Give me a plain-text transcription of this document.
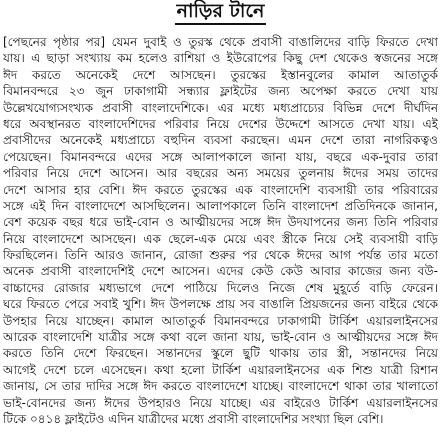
নাড়ির টানে
[পেছনের পৃষ্ঠার পর] যেমন দুবাই ও তুরস্ক থেকে প্রবাসী বাঙালিদের বাড়ি ফিরতে দেখা
যায়। এ ছাড়া সংখ্যায় কম হলেও রাশিয়া ও ইউরোপের কিছু দেশ থেকেও স্বজনের সঙ্গে
ঈদ করতে অনেকেই দেশে আসছেন। তুরস্কের ইস্তানবুলের কামাল আতাতুর্ক
বিমানবন্দরে ২৩ জুন ঢাকাগামী সন্ধ্যার ফ্লাইটের জন্য অপেক্ষা করতে দেখা যায়
উল্লেখযোগ্যসংখ্যক প্রবাসী বাংলাদেশিকে। এর মধ্যে মধ্যপ্রাচ্যের বিভিন্ন দেশে দীর্ঘদিন
ধরে অবস্থানরত বাংলাদেশিদের পরিবার নিয়ে দেশের উদ্দেশে আসতে দেখা যায়। এই
প্রবাসীদের অনেকেই মধ্যপ্রাচ্যে বহুদিন ব্যবসা করছেন। এমন দেশে তারা নাগরিকত্বও
পেয়েছেন। বিমানবন্দরে এদের সঙ্গে আলাপকালে জানা যায়, বছরে এক-দুবার তারা
পরিবার নিয়ে দেশে আসেন। আর বছরের অন্য সময়ের তুলনায় ঈদের সময় তাদের
দেশে আসার হার বেশি। ঈদ করতে তুরস্কের এক বাংলাদেশি ব্যবসায়ী তার পরিবারের
সঙ্গে এই দিন বাংলাদেশে আসছিলেন। আলাপকালে তিনি বাংলাদেশ প্রতিদিনকে জানান,
বেশ কয়েক বছর ধরে ভাই-বোন ও আত্মীয়দের সঙ্গে ঈদ উদযাপনের জন্য তিনি পরিবার
নিয়ে বাংলাদেশে আসছেন। এক ছেলে-এক মেয়ে এবং স্ত্রীকে নিয়ে সেই ব্যবসায়ী বাড়ি
ফিরছিলেন। তিনি আরও জানান, রোজা শুরুর পর থেকে ঈদের আগ পর্যন্ত তার মতো
অনেক প্রবাসী বাংলাদেশিই দেশে আসেন। এদের কেউ কেউ আবার কাজের জন্য বউ-
বাচ্চাদের রোজার মধ্যভাগে দেশে পাঠিয়ে দিলেও নিজে শেষ মুহূর্তে বাড়ি ফেরেন।
ঘরে ফিরতে পেরে সবাই খুশি। ঈদ উপলক্ষে প্রায় সব বাঙালি প্রিয়জনের জন্য বাইরে থেকে
উপহার নিয়ে যাচ্ছেন। কামাল আতাতুর্ক বিমানবন্দরে ঢাকাগামী টার্কিশ এয়ারলাইনসের
আরেক বাংলাদেশি যাত্রীর সঙ্গে কথা বলে জানা যায়, ভাই-বোন ও আত্মীয়দের সঙ্গে ঈদ
করতে তিনি দেশে ফিরছেন। সন্তানদের স্কুলে ছুটি থাকায় তার স্ত্রী, সন্তানদের নিয়ে
আগেই দেশে চলে এসেছেন। কথা হলো টার্কিশ এয়ারলাইনসের এক শিশু যাত্রী রিশান
জানায়, সে তার দাদির সঙ্গে ঈদ করতে বাংলাদেশে যাচ্ছে। বাংলাদেশে থাকা তার খালাতো
ভাই-বোনদের জন্য ঈদের উপহারও নিয়ে যাচ্ছে। এর বাইরেও টার্কিশ এয়ারলাইনসের
টিকে ০৪১৪ ফ্লাইটেও এদিন যাত্রীদের মধ্যে প্রবাসী বাংলাদেশির সংখ্যা ছিল বেশি।
